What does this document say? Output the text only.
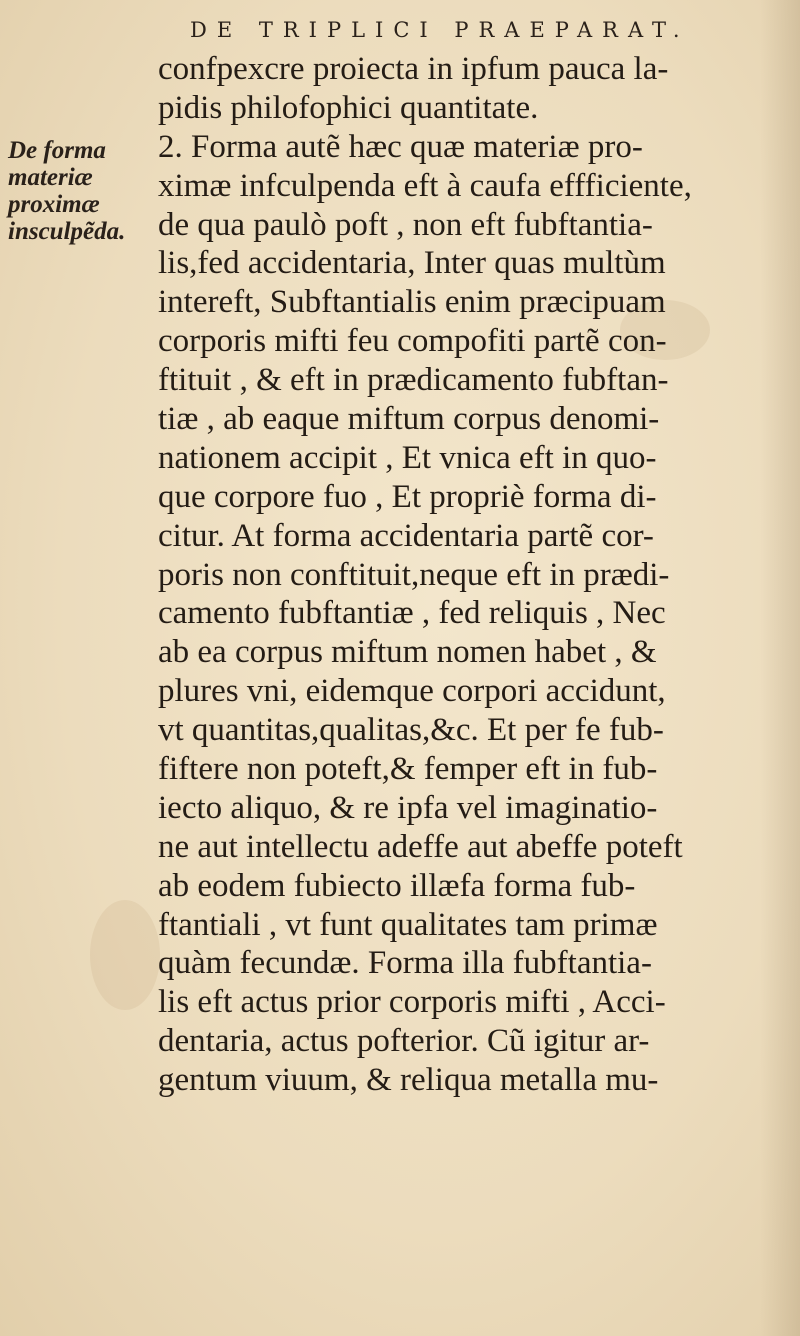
DE TRIPLICI PRAEPARAT.
De forma
materiæ
proximæ
insculpẽda.
confpexcre proiecta in ipfum pauca la-
pidis philofophici quantitate.
2. Forma autẽ hæc quæ materiæ pro-
ximæ infculpenda eft à caufa effficiente,
de qua paulò poft , non eft fubftantia-
lis,fed accidentaria, Inter quas multùm
intereft, Subftantialis enim præcipuam
corporis mifti feu compofiti partẽ con-
ftituit , & eft in prædicamento fubftan-
tiæ , ab eaque miftum corpus denomi-
nationem accipit , Et vnica eft in quo-
que corpore fuo , Et propriè forma di-
citur. At forma accidentaria partẽ cor-
poris non conftituit,neque eft in prædi-
camento fubftantiæ , fed reliquis , Nec
ab ea corpus miftum nomen habet , &
plures vni, eidemque corpori accidunt,
vt quantitas,qualitas,&c. Et per fe fub-
fiftere non poteft,& femper eft in fub-
iecto aliquo, & re ipfa vel imaginatio-
ne aut intellectu adeffe aut abeffe poteft
ab eodem fubiecto illæfa forma fub-
ftantiali , vt funt qualitates tam primæ
quàm fecundæ. Forma illa fubftantia-
lis eft actus prior corporis mifti , Acci-
dentaria, actus pofterior. Cũ igitur ar-
gentum viuum, & reliqua metalla mu-
